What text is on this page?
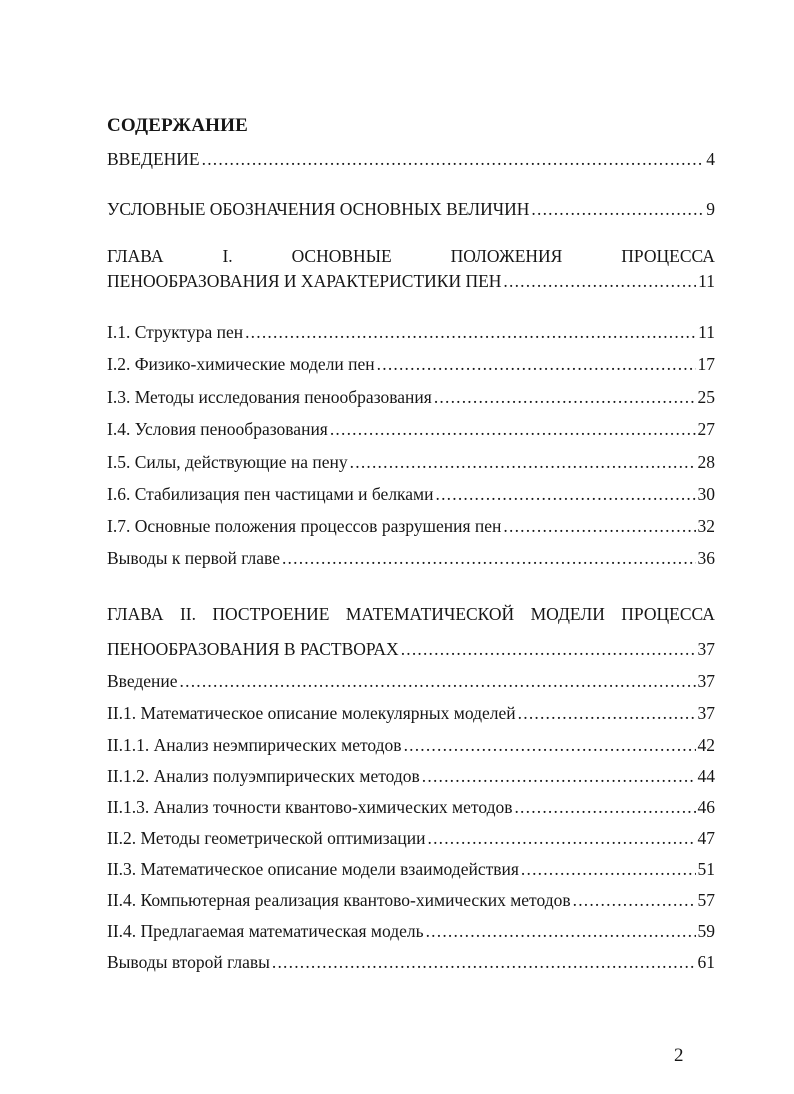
СОДЕРЖАНИЕ
ВВЕДЕНИЕ .....	4
УСЛОВНЫЕ ОБОЗНАЧЕНИЯ ОСНОВНЫХ ВЕЛИЧИН .....	9
ГЛАВА	I.	ОСНОВНЫЕ	ПОЛОЖЕНИЯ	ПРОЦЕССА
ПЕНООБРАЗОВАНИЯ И ХАРАКТЕРИСТИКИ ПЕН .....	11
I.1. Структура пен .....	11
I.2. Физико-химические модели пен .....	17
I.3. Методы исследования пенообразования .....	25
I.4. Условия пенообразования .....	27
I.5. Силы, действующие на пену .....	28
I.6. Стабилизация пен частицами и белками .....	30
I.7. Основные положения процессов разрушения пен .....	32
Выводы к первой главе .....	36
ГЛАВА II. ПОСТРОЕНИЕ МАТЕМАТИЧЕСКОЙ МОДЕЛИ ПРОЦЕССА
ПЕНООБРАЗОВАНИЯ В РАСТВОРАХ .....	37
Введение .....	37
II.1. Математическое описание молекулярных моделей .....	37
II.1.1. Анализ неэмпирических методов .....	42
II.1.2. Анализ полуэмпирических методов .....	44
II.1.3. Анализ точности квантово-химических методов .....	46
II.2. Методы геометрической оптимизации .....	47
II.3. Математическое описание модели взаимодействия .....	51
II.4. Компьютерная реализация квантово-химических методов .....	57
II.4. Предлагаемая математическая модель .....	59
Выводы второй главы .....	61
2
